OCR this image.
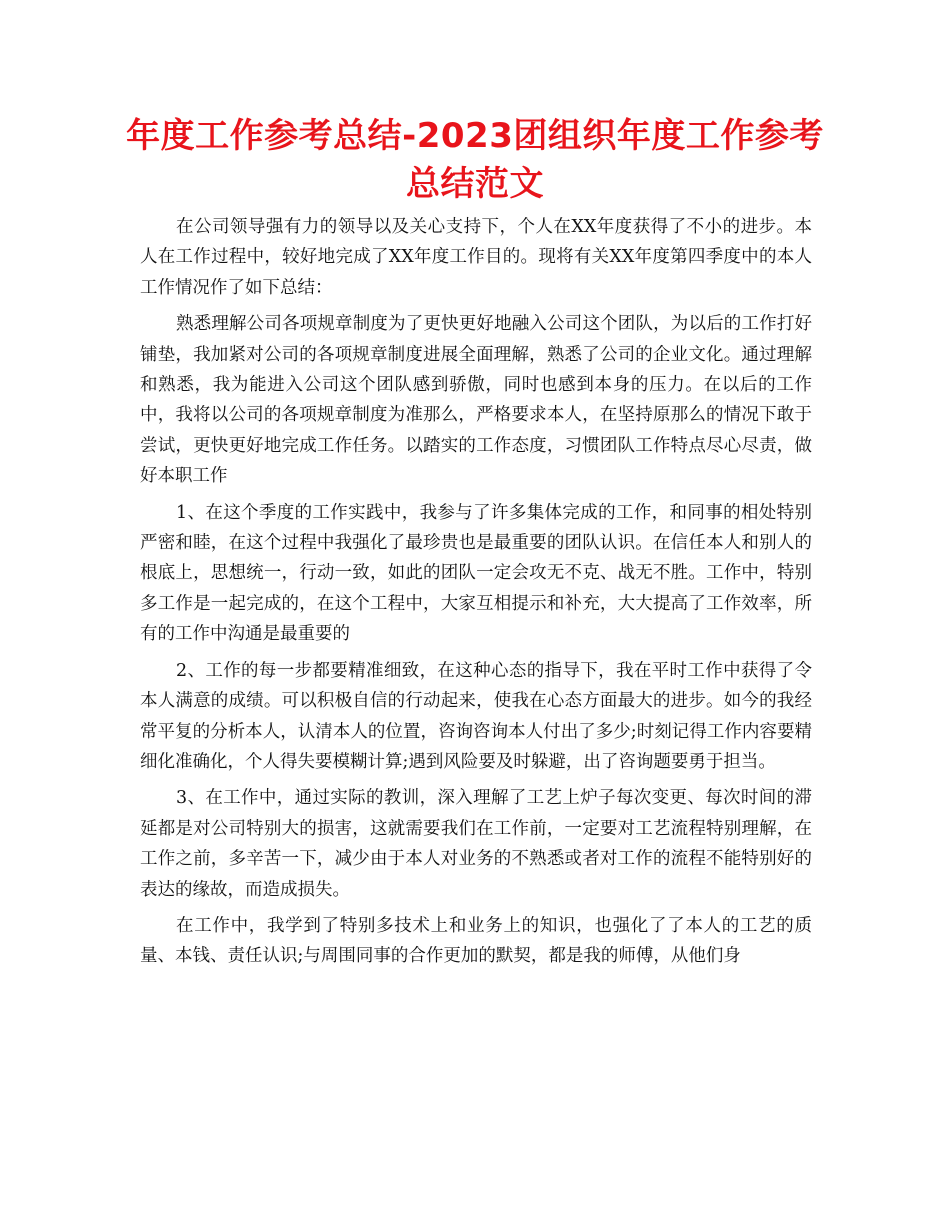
年度工作参考总结-2023团组织年度工作参考总结范文

在公司领导强有力的领导以及关心支持下，个人在XX年度获得了不小的进步。本人在工作过程中，较好地完成了XX年度工作目的。现将有关XX年度第四季度中的本人工作情况作了如下总结：

熟悉理解公司各项规章制度为了更快更好地融入公司这个团队，为以后的工作打好铺垫，我加紧对公司的各项规章制度进展全面理解，熟悉了公司的企业文化。通过理解和熟悉，我为能进入公司这个团队感到骄傲，同时也感到本身的压力。在以后的工作中，我将以公司的各项规章制度为准那么，严格要求本人，在坚持原那么的情况下敢于尝试，更快更好地完成工作任务。以踏实的工作态度，习惯团队工作特点尽心尽责，做好本职工作

1、在这个季度的工作实践中，我参与了许多集体完成的工作，和同事的相处特别严密和睦，在这个过程中我强化了最珍贵也是最重要的团队认识。在信任本人和别人的根底上，思想统一，行动一致，如此的团队一定会攻无不克、战无不胜。工作中，特别多工作是一起完成的，在这个工程中，大家互相提示和补充，大大提高了工作效率，所有的工作中沟通是最重要的

2、工作的每一步都要精准细致，在这种心态的指导下，我在平时工作中获得了令本人满意的成绩。可以积极自信的行动起来，使我在心态方面最大的进步。如今的我经常平复的分析本人，认清本人的位置，咨询咨询本人付出了多少;时刻记得工作内容要精细化准确化，个人得失要模糊计算;遇到风险要及时躲避，出了咨询题要勇于担当。

3、在工作中，通过实际的教训，深入理解了工艺上炉子每次变更、每次时间的滞延都是对公司特别大的损害，这就需要我们在工作前，一定要对工艺流程特别理解，在工作之前，多辛苦一下，减少由于本人对业务的不熟悉或者对工作的流程不能特别好的表达的缘故，而造成损失。

在工作中，我学到了特别多技术上和业务上的知识，也强化了了本人的工艺的质量、本钱、责任认识;与周围同事的合作更加的默契，都是我的师傅，从他们身
